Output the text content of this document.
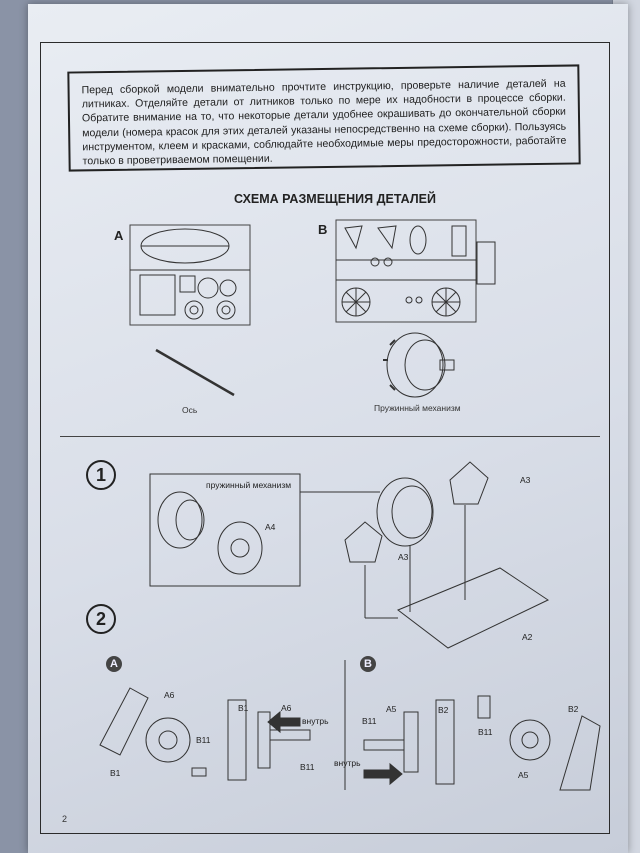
Перед сборкой модели внимательно прочтите инструкцию, проверьте наличие деталей на литниках. Отделяйте детали от литников только по мере их надобности в процессе сборки. Обратите внимание на то, что некоторые детали удобнее окрашивать до окончательной сборки модели (номера красок для этих деталей указаны непосредственно на схеме сборки). Пользуясь инструментом, клеем и красками, соблюдайте необходимые меры предосторожности, работайте только в проветриваемом помещении.
СХЕМА РАЗМЕЩЕНИЯ ДЕТАЛЕЙ
A	B
Ось	Пружинный механизм
1	пружинный механизм	A3
A4
A3
A2
2
A	B
A6
B1
B11
B1	A6
внутрь
B11
B11
A5	B2
B11
внутрь
B2
A5
2
